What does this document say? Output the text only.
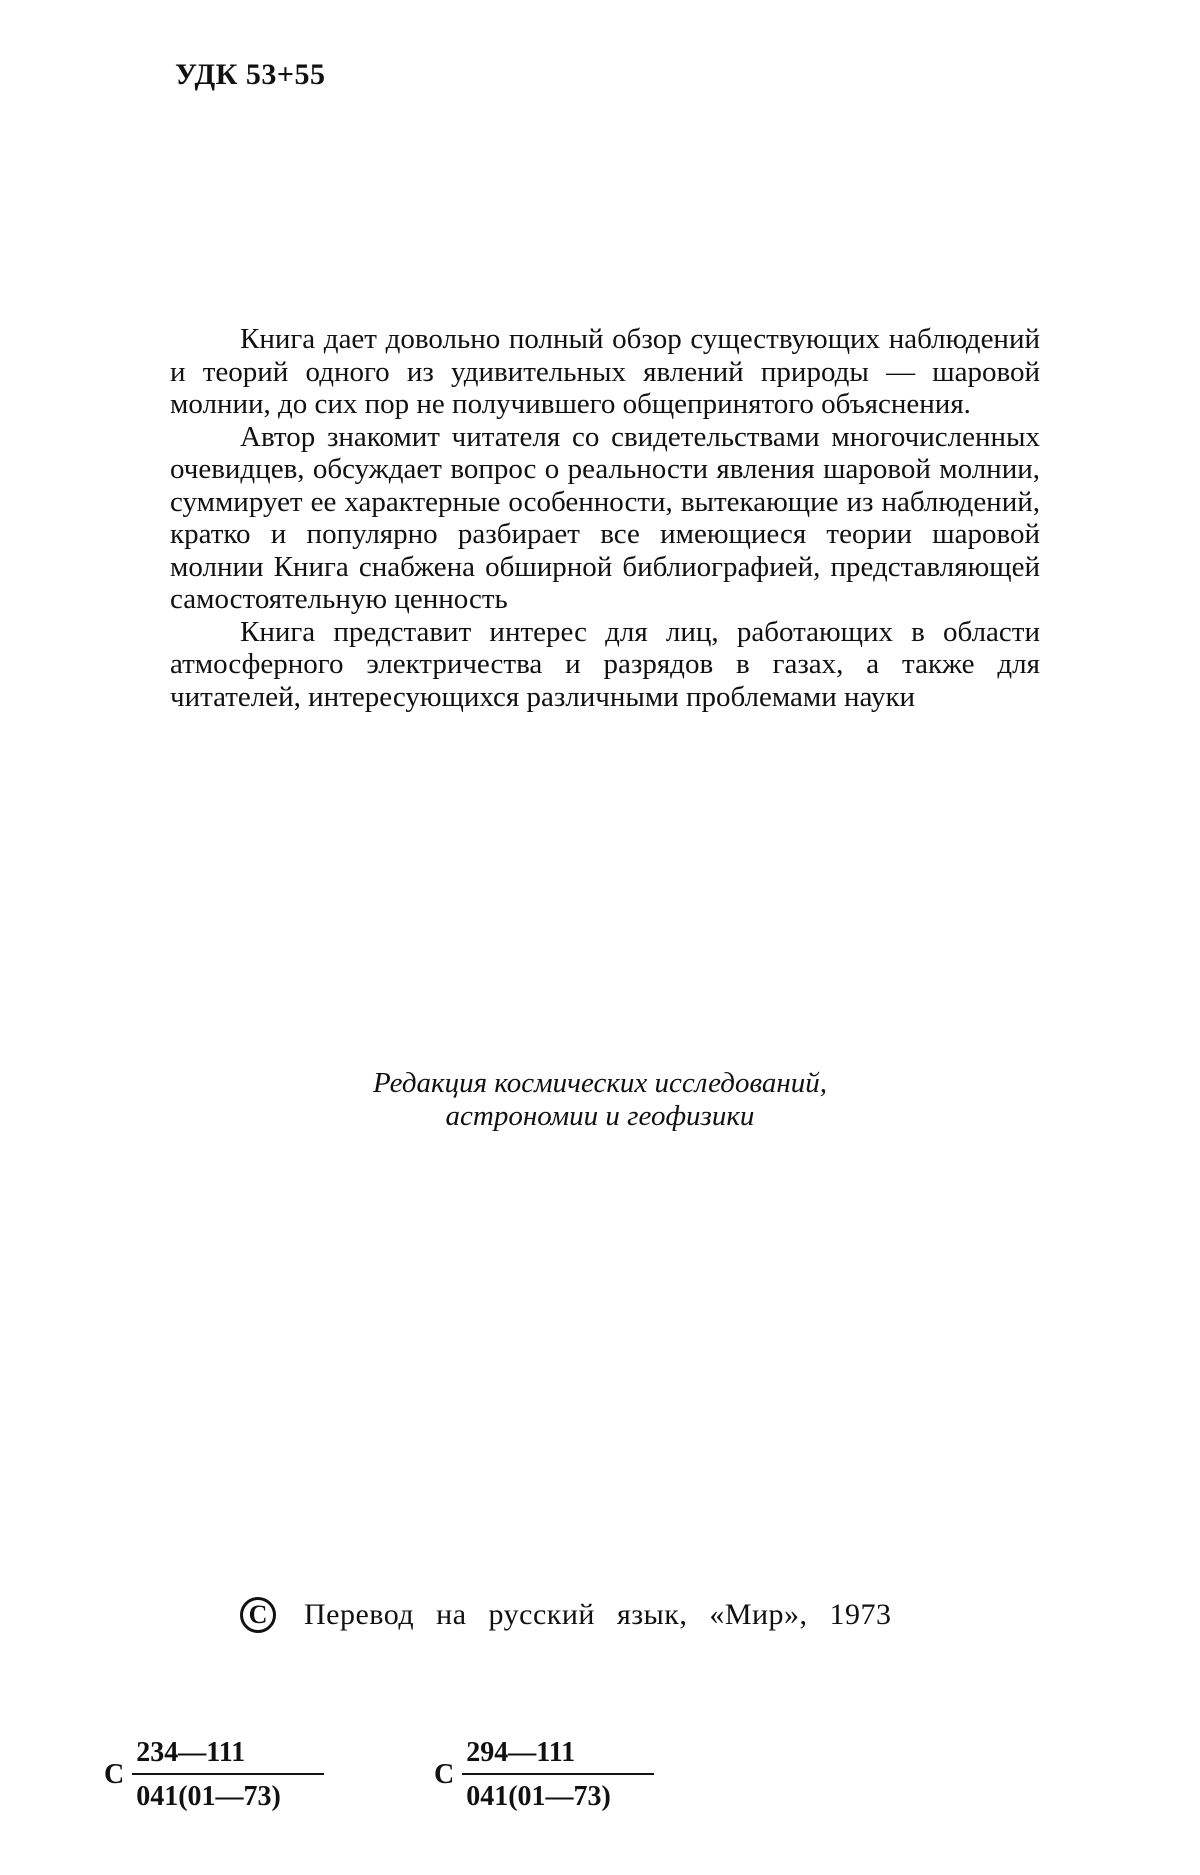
УДК 53+55

Книга дает довольно полный обзор существующих наблюдений и теорий одного из удивительных явлений природы — шаровой молнии, до сих пор не получившего общепринятого объяснения.

Автор знакомит читателя со свидетельствами многочисленных очевидцев, обсуждает вопрос о реальности явления шаровой молнии, суммирует ее характерные особенности, вытекающие из наблюдений, кратко и популярно разбирает все имеющиеся теории шаровой молнии Книга снабжена обширной библиографией, представляющей самостоятельную ценность

Книга представит интерес для лиц, работающих в области атмосферного электричества и разрядов в газах, а также для читателей, интересующихся различными проблемами науки

Редакция космических исследований,
астрономии и геофизики
C Перевод на русский язык, «Мир», 1973
С $\frac{234—111}{041(01—73)}$	С $\frac{294—111}{041(01—73)}$
